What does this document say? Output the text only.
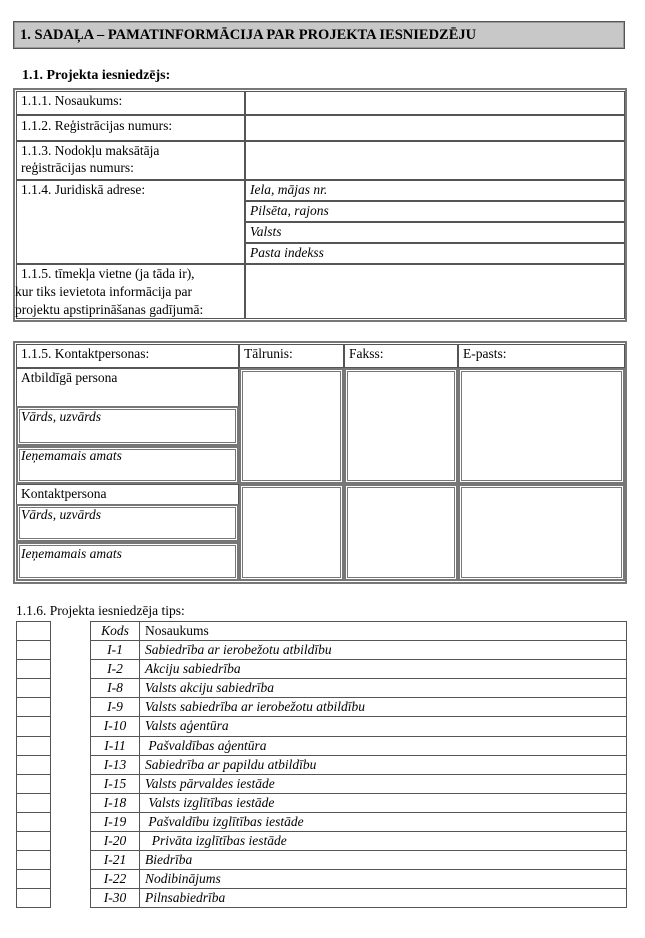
1. SADAĻA – PAMATINFORMĀCIJA PAR PROJEKTA IESNIEDZĒJU
1.1. Projekta iesniedzējs:
1.1.1. Nosaukums:
1.1.2. Reģistrācijas numurs:
1.1.3. Nodokļu maksātāja
reģistrācijas numurs:
1.1.4. Juridiskā adrese:	Iela, mājas nr.
Pilsēta, rajons
Valsts
Pasta indekss
1.1.5. tīmekļa vietne (ja tāda ir),
kur tiks ievietota informācija par
projektu apstiprināšanas gadījumā:
1.1.5. Kontaktpersonas:	Tālrunis:	Fakss:	E-pasts:
Atbildīgā persona
Vārds, uzvārds
Ieņemamais amats
Kontaktpersona
Vārds, uzvārds
Ieņemamais amats
1.1.6. Projekta iesniedzēja tips:
		Kods	Nosaukums
		I-1	Sabiedrība ar ierobežotu atbildību
		I-2	Akciju sabiedrība
		I-8	Valsts akciju sabiedrība
		I-9	Valsts sabiedrība ar ierobežotu atbildību
		I-10	Valsts aģentūra
		I-11	Pašvaldības aģentūra
		I-13	Sabiedrība ar papildu atbildību
		I-15	Valsts pārvaldes iestāde
		I-18	Valsts izglītības iestāde
		I-19	Pašvaldību izglītības iestāde
		I-20	Privāta izglītības iestāde
		I-21	Biedrība
		I-22	Nodibinājums
		I-30	Pilnsabiedrība
